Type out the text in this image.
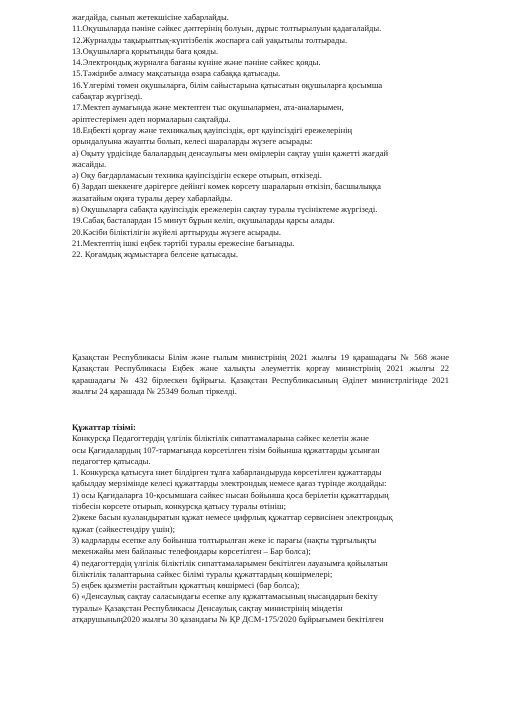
жағдайда, сынып жетекшісіне хабарлайды.

11.Оқушыларда пәніне сәйкес дәптерінің болуын, дұрыс толтырылуын қадағалайды.

12.Журналды тақырыптық-күнтізбелік жоспарға сай уақытылы толтырады.

13.Оқушыларға қорытынды баға қояды.

14.Электрондық журналға бағаны күніне және пәніне сәйкес қояды.

15.Тәжірибе алмасу мақсатында өзара сабаққа қатысады.

16.Үлгерімі төмен оқушыларға, білім сайыстарына қатысатын оқушыларға қосымша

сабақтар жүргізеді.

17.Мектеп аумағында және мектептен тыс оқушылармен, ата-аналарымен,

әріптестерімен әдеп нормаларын сақтайды.

18.Еңбекті қорғау және техникалық қауіпсіздік, өрт қауіпсіздігі ережелерінің

орындалуына жауапты болып, келесі шараларды жүзеге асырады:

а) Оқыту үрдісінде балалардың денсаулығы мен өмірлерін сақтау үшін қажетті жағдай

жасайды.

ә) Оқу бағдарламасын техника қауіпсіздігін ескере отырып, өткізеді.

б) Зардап шеккенге дәрігерге дейінгі көмек көрсету шараларын өткізіп, басшылыққа

жазатайым оқиға туралы дереу хабарлайды.

в) Оқушыларға сабақта қауіпсіздік ережелерін сақтау туралы түсініктеме жүргізеді.

19.Сабақ басталардан 15 минут бұрын келіп, оқушыларды қарсы алады.

20.Кәсіби біліктілігін жүйелі арттыруды жүзеге асырады.

21.Мектептің ішкі еңбек тәртібі туралы ережесіне бағынады.

22. Қоғамдық жұмыстарға белсене қатысады.

Қазақстан Республикасы Білім және ғылым министрінің 2021 жылғы 19 қарашадағы № 568 және Қазақстан Республикасы Еңбек және халықты әлеуметтік қорғау министрінің 2021 жылғы 22 қарашадағы № 432 бірлескен бұйрығы. Қазақстан Республикасының Әділет министрлігінде 2021 жылғы 24 қарашада № 25349 болып тіркелді.

Құжаттар тізімі:

Конкурсқа Педагогтердің үлгілік біліктілік сипаттамаларына сәйкес келетін және

осы Қағидалардың 107-тармағында көрсетілген тізім бойынша құжаттарды ұсынған

педагогтер қатысады.

1. Конкурсқа қатысуға ниет білдірген тұлға хабарландыруда көрсетілген құжаттарды

қабылдау мерзімінде келесі құжаттарды электрондық немесе қағаз түрінде жолдайды:

1) осы Қағидаларға 10-қосымшаға сәйкес нысан бойынша қоса берілетін құжаттардың

тізбесін көрсете отырып, конкурсқа қатысу туралы өтініш;

2)жеке басын куәландыратын құжат немесе цифрлық құжаттар сервисінен электрондық

құжат (сәйкестендіру үшін);

3) кадрларды есепке алу бойынша толтырылған жеке іс парағы (нақты тұрғылықты

мекенжайы мен байланыс телефондары көрсетілген – Бар болса);

4) педагогтердің үлгілік біліктілік сипаттамаларымен бекітілген лауазымға қойылатын

біліктілік талаптарына сәйкес білімі туралы құжаттардың көшірмелері;

5) еңбек қызметін растайтын құжаттың көшірмесі (бар болса);

6) «Денсаулық сақтау саласындағы есепке алу құжаттамасының нысандарын бекіту

туралы» Қазақстан Республикасы Денсаулық сақтау министрінің міндетін

атқарушының2020 жылғы 30 қазандағы № ҚР ДСМ-175/2020 бұйрығымен бекітілген
